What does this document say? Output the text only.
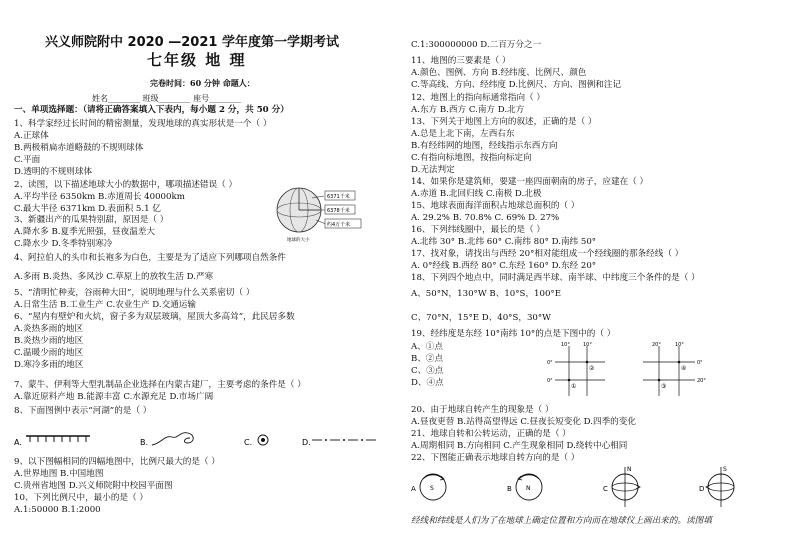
兴义师院附中 2020 —2021 学年度第一学期考试
七年级 地 理
完卷时间：60 分钟 命题人：
姓名________ 班级________ 座号________
一、单项选择题：（请将正确答案填入下表内，每小题 2 分，共 50 分）
1、科学家经过长时间的精密测量，发现地球的真实形状是一个（ ）
A.正球体
B.两极稍扁赤道略鼓的不规则球体
C.平面
D.透明的不规则球体
2、读图，以下描述地球大小的数据中，哪项描述错误（ ）
A.平均半径 6350km B.赤道周长 40000km
C.最大半径 6371km D.表面积 5.1 亿
3、新疆出产的瓜果特别甜，原因是（ ）
A.降水多 B.夏季光照强，昼夜温差大
C.降水少 D.冬季特别寒冷
4、阿拉伯人的头巾和长袍多为白色，主要是为了适应下列哪项自然条件
A.多雨 B.炎热、多风沙 C.草原上的放牧生活 D.严寒
5、“清明忙种麦，谷雨种大田”，说明地理与什么关系密切（ ）
A.日常生活 B.工业生产 C.农业生产 D.交通运输
6、“屋内有壁炉和火炕，窗子多为双层玻璃，屋顶大多高耸”，此民居多数
A.炎热多雨的地区
B.炎热少雨的地区
C.温暖少雨的地区
D.寒冷多雨的地区
7、蒙牛、伊利等大型乳制品企业选择在内蒙古建厂，主要考虑的条件是（ ）
A.靠近原料产地 B.能源丰富 C.水源充足 D.市场广阔
8、下面图例中表示“河湖”的是（ ）
9、以下图幅相同的四幅地图中，比例尺最大的是（ ）
A.世界地图 B.中国地图
C.贵州省地图 D.兴义师院附中校园平面图
10、下列比例尺中，最小的是（ ）
A.1:50000 B.1:2000
6371千米
6378千米
约4万千米
地球的大小
A.	B.	C.	D.
C.1:300000000 D.二百万分之一
11、地图的三要素是（ ）
A.颜色、图例、方向 B.经纬度、比例尺、颜色
C.等高线、方向、经纬度 D.比例尺、方向、图例和注记
12、地图上的指向标通常指向（ ）
A.东方 B.西方 C.南方 D.北方
13、下列关于地图上方向的叙述，正确的是（ ）
A.总是上北下南，左西右东
B.有经纬网的地图，经线指示东西方向
C.有指向标地图，按指向标定向
D.无法判定
14、如果你是建筑师，要建一座四面朝南的房子，应建在（ ）
A.赤道 B.北回归线 C.南极 D.北极
15、地球表面海洋面积占地球总面积的（ ）
A. 29.2% B. 70.8% C. 69% D. 27%
16、下列纬线圈中，最长的是（ ）
A.北纬 30° B.北纬 60° C.南纬 80° D.南纬 50°
17、找对象，请找出与西经 20°相对能组成一个经线圈的那条经线（ ）
A. 0°经线 B.西经 80° C.东经 160° D.东经 20°
18、下列四个地点中，同时满足西半球、南半球、中纬度三个条件的是（ ）
A、50°N，130°W B、10°S，100°E
C、70°N，15°E D、40°S，30°W
19、经纬度是东经 10°南纬 10°的点是下图中的（ ）
A、①点
B、②点
C、③点
D、④点
20、由于地球自转产生的现象是（ ）
A.昼夜更替 B.站得高望得远 C.昼夜长短变化 D.四季的变化
21、地球自转和公转运动，正确的是（ ）
A.周期相同 B.方向相同 C.产生现象相同 D.绕转中心相同
22、下图能正确表示地球自转方向的是（ ）
经线和纬线是人们为了在地球上确定位置和方向而在地球仪上画出来的。读图填
10°	10°
0°
0°
①
②
20°	10°
0°
20°
③
④
A S	B N	C
N
D
S
